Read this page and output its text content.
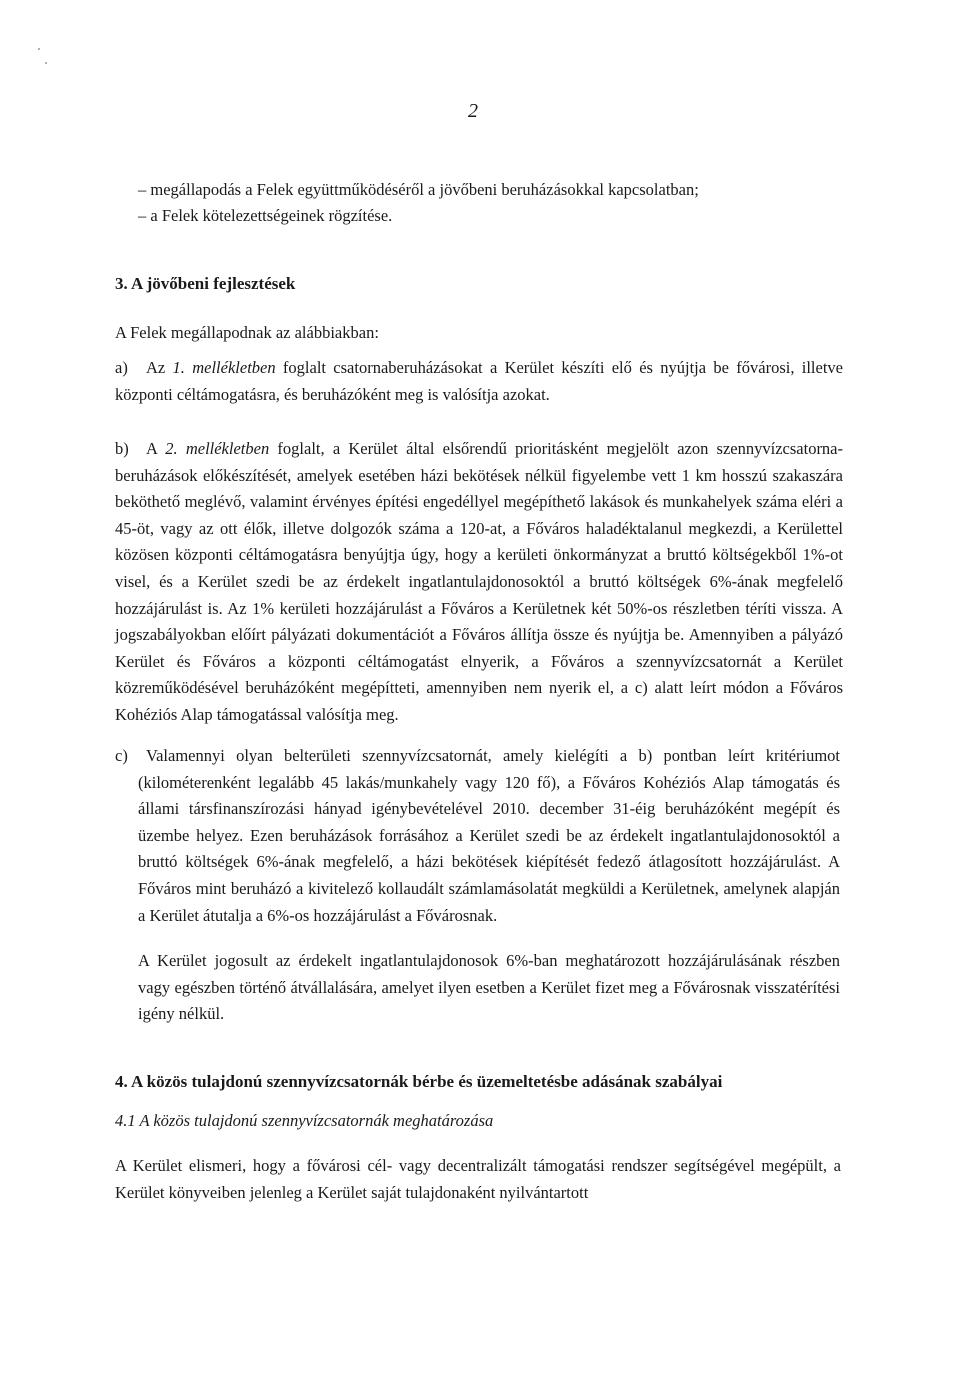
2
– megállapodás a Felek együttműködéséről a jövőbeni beruházásokkal kapcsolatban;
– a Felek kötelezettségeinek rögzítése.
3. A jövőbeni fejlesztések
A Felek megállapodnak az alábbiakban:
a)	Az 1. mellékletben foglalt csatornaberuházásokat a Kerület készíti elő és nyújtja be fővárosi, illetve központi céltámogatásra, és beruházóként meg is valósítja azokat.
b)	A 2. mellékletben foglalt, a Kerület által elsőrendű prioritásként megjelölt azon szennyvízcsatorna-beruházások előkészítését, amelyek esetében házi bekötések nélkül figyelembe vett 1 km hosszú szakaszára beköthető meglévő, valamint érvényes építési engedéllyel megépíthető lakások és munkahelyek száma eléri a 45-öt, vagy az ott élők, illetve dolgozók száma a 120-at, a Főváros haladéktalanul megkezdi, a Kerülettel közösen központi céltámogatásra benyújtja úgy, hogy a kerületi önkormányzat a bruttó költségekből 1%-ot visel, és a Kerület szedi be az érdekelt ingatlantulajdonosoktól a bruttó költségek 6%-ának megfelelő hozzájárulást is. Az 1% kerületi hozzájárulást a Főváros a Kerületnek két 50%-os részletben téríti vissza. A jogszabályokban előírt pályázati dokumentációt a Főváros állítja össze és nyújtja be. Amennyiben a pályázó Kerület és Főváros a központi céltámogatást elnyerik, a Főváros a szennyvízcsatornát a Kerület közreműködésével beruházóként megépítteti, amennyiben nem nyerik el, a c) alatt leírt módon a Főváros Kohéziós Alap támogatással valósítja meg.
c)	Valamennyi olyan belterületi szennyvízcsatornát, amely kielégíti a b) pontban leírt kritériumot (kilométerenként legalább 45 lakás/munkahely vagy 120 fő), a Főváros Kohéziós Alap támogatás és állami társfinanszírozási hányad igénybevételével 2010. december 31-éig beruházóként megépít és üzembe helyez. Ezen beruházások forrásához a Kerület szedi be az érdekelt ingatlantulajdonosoktól a bruttó költségek 6%-ának megfelelő, a házi bekötések kiépítését fedező átlagosított hozzájárulást. A Főváros mint beruházó a kivitelező kollaudált számlamásolatát megküldi a Kerületnek, amelynek alapján a Kerület átutalja a 6%-os hozzájárulást a Fővárosnak.
A Kerület jogosult az érdekelt ingatlantulajdonosok 6%-ban meghatározott hozzájárulásának részben vagy egészben történő átvállalására, amelyet ilyen esetben a Kerület fizet meg a Fővárosnak visszatérítési igény nélkül.
4. A közös tulajdonú szennyvízcsatornák bérbe és üzemeltetésbe adásának szabályai
4.1 A közös tulajdonú szennyvízcsatornák meghatározása
A Kerület elismeri, hogy a fővárosi cél- vagy decentralizált támogatási rendszer segítségével megépült, a Kerület könyveiben jelenleg a Kerület saját tulajdonaként nyilvántartott
